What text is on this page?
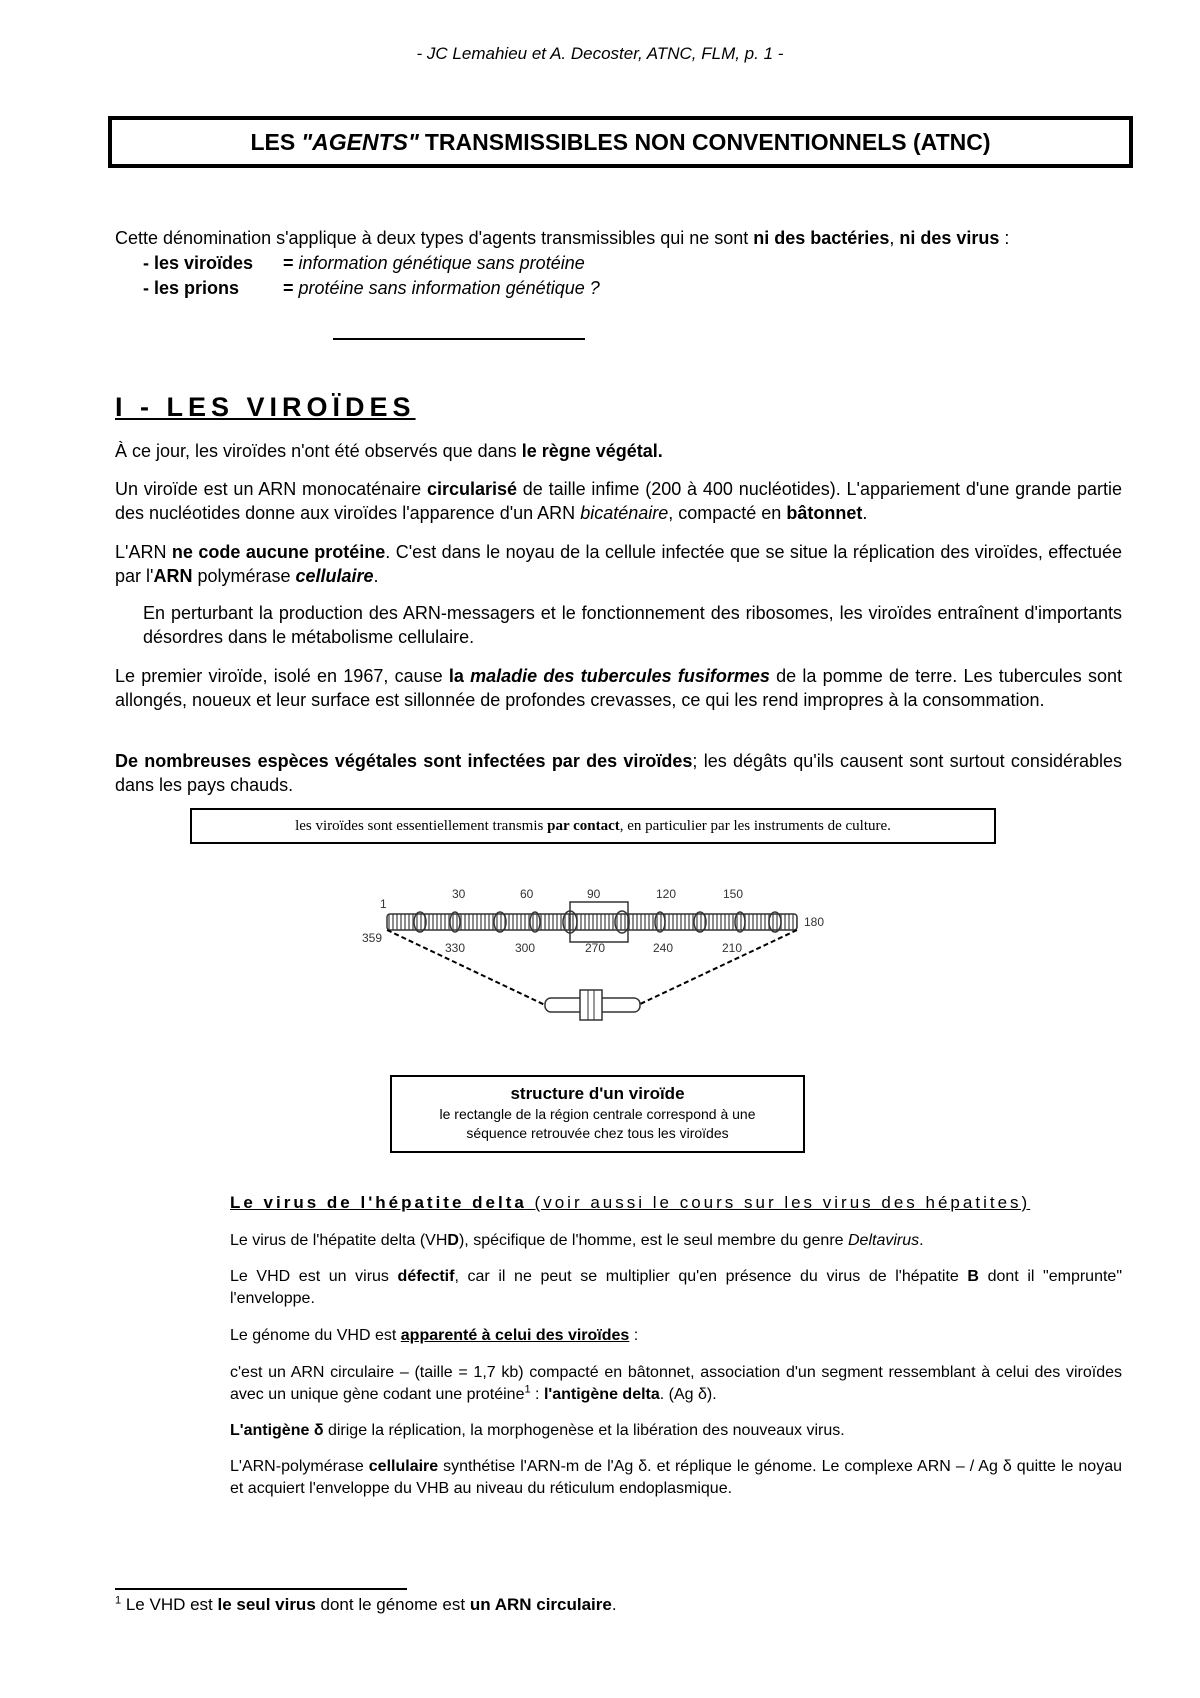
- JC Lemahieu et A. Decoster, ATNC, FLM, p. 1 -
LES "AGENTS" TRANSMISSIBLES NON CONVENTIONNELS (ATNC)
Cette dénomination s'applique à deux types d'agents transmissibles qui ne sont ni des bactéries, ni des virus :
- les viroïdes = information génétique sans protéine
- les prions = protéine sans information génétique ?
I - LES VIROÏDES
À ce jour, les viroïdes n'ont été observés que dans le règne végétal.
Un viroïde est un ARN monocaténaire circularisé de taille infime (200 à 400 nucléotides). L'appariement d'une grande partie des nucléotides donne aux viroïdes l'apparence d'un ARN bicaténaire, compacté en bâtonnet.
L'ARN ne code aucune protéine. C'est dans le noyau de la cellule infectée que se situe la réplication des viroïdes, effectuée par l'ARN polymérase cellulaire.
En perturbant la production des ARN-messagers et le fonctionnement des ribosomes, les viroïdes entraînent d'importants désordres dans le métabolisme cellulaire.
Le premier viroïde, isolé en 1967, cause la maladie des tubercules fusiformes de la pomme de terre. Les tubercules sont allongés, noueux et leur surface est sillonnée de profondes crevasses, ce qui les rend impropres à la consommation.
De nombreuses espèces végétales sont infectées par des viroïdes; les dégâts qu'ils causent sont surtout considérables dans les pays chauds.
les viroïdes sont essentiellement transmis par contact, en particulier par les instruments de culture.
1
30	60	90	120	150
359
330	300	270	240	210
180
structure d'un viroïde
le rectangle de la région centrale correspond à une séquence retrouvée chez tous les viroïdes
Le virus de l'hépatite delta (voir aussi le cours sur les virus des hépatites)
Le virus de l'hépatite delta (VHD), spécifique de l'homme, est le seul membre du genre Deltavirus.
Le VHD est un virus défectif, car il ne peut se multiplier qu'en présence du virus de l'hépatite B dont il "emprunte" l'enveloppe.
Le génome du VHD est apparenté à celui des viroïdes :
c'est un ARN circulaire – (taille = 1,7 kb) compacté en bâtonnet, association d'un segment ressemblant à celui des viroïdes avec un unique gène codant une protéine$^1$ : l'antigène delta. (Ag δ).
L'antigène δ dirige la réplication, la morphogenèse et la libération des nouveaux virus.
L'ARN-polymérase cellulaire synthétise l'ARN-m de l'Ag δ. et réplique le génome. Le complexe ARN – / Ag δ quitte le noyau et acquiert l'enveloppe du VHB au niveau du réticulum endoplasmique.
$^1$ Le VHD est le seul virus dont le génome est un ARN circulaire.
